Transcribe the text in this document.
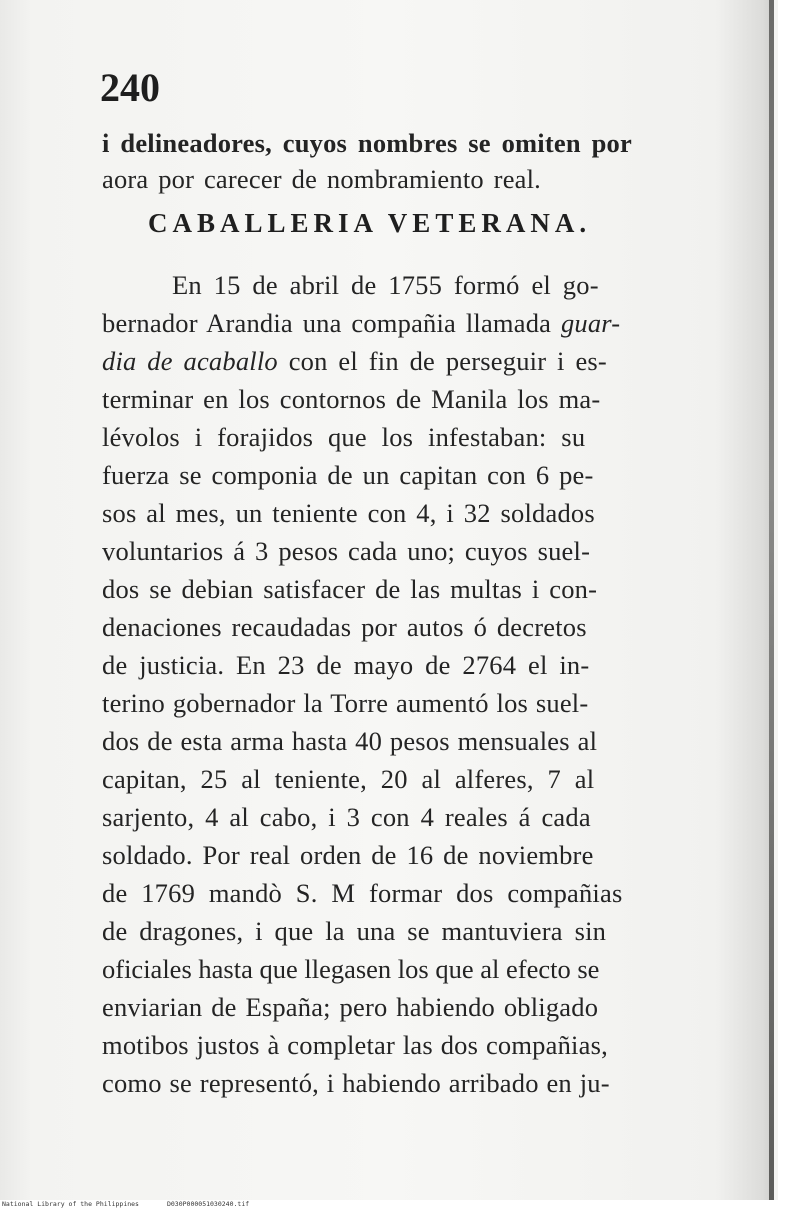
240

i delineadores, cuyos nombres se omiten por

aora por carecer de nombramiento real.

CABALLERIA VETERANA.

En 15 de abril de 1755 formó el go-

bernador Arandia una compañia llamada guar-

dia de acaballo con el fin de perseguir i es-

terminar en los contornos de Manila los ma-

lévolos i forajidos que los infestaban: su

fuerza se componia de un capitan con 6 pe-

sos al mes, un teniente con 4, i 32 soldados

voluntarios á 3 pesos cada uno; cuyos suel-

dos se debian satisfacer de las multas i con-

denaciones recaudadas por autos ó decretos

de justicia. En 23 de mayo de 2764 el in-

terino gobernador la Torre aumentó los suel-

dos de esta arma hasta 40 pesos mensuales al

capitan, 25 al teniente, 20 al alferes, 7 al

sarjento, 4 al cabo, i 3 con 4 reales á cada

soldado. Por real orden de 16 de noviembre

de 1769 mandò S. M formar dos compañias

de dragones, i que la una se mantuviera sin

oficiales hasta que llegasen los que al efecto se

enviarian de España; pero habiendo obligado

motibos justos à completar las dos compañias,

como se representó, i habiendo arribado en ju-

National Library of the Philippines	D030P000051030240.tif
